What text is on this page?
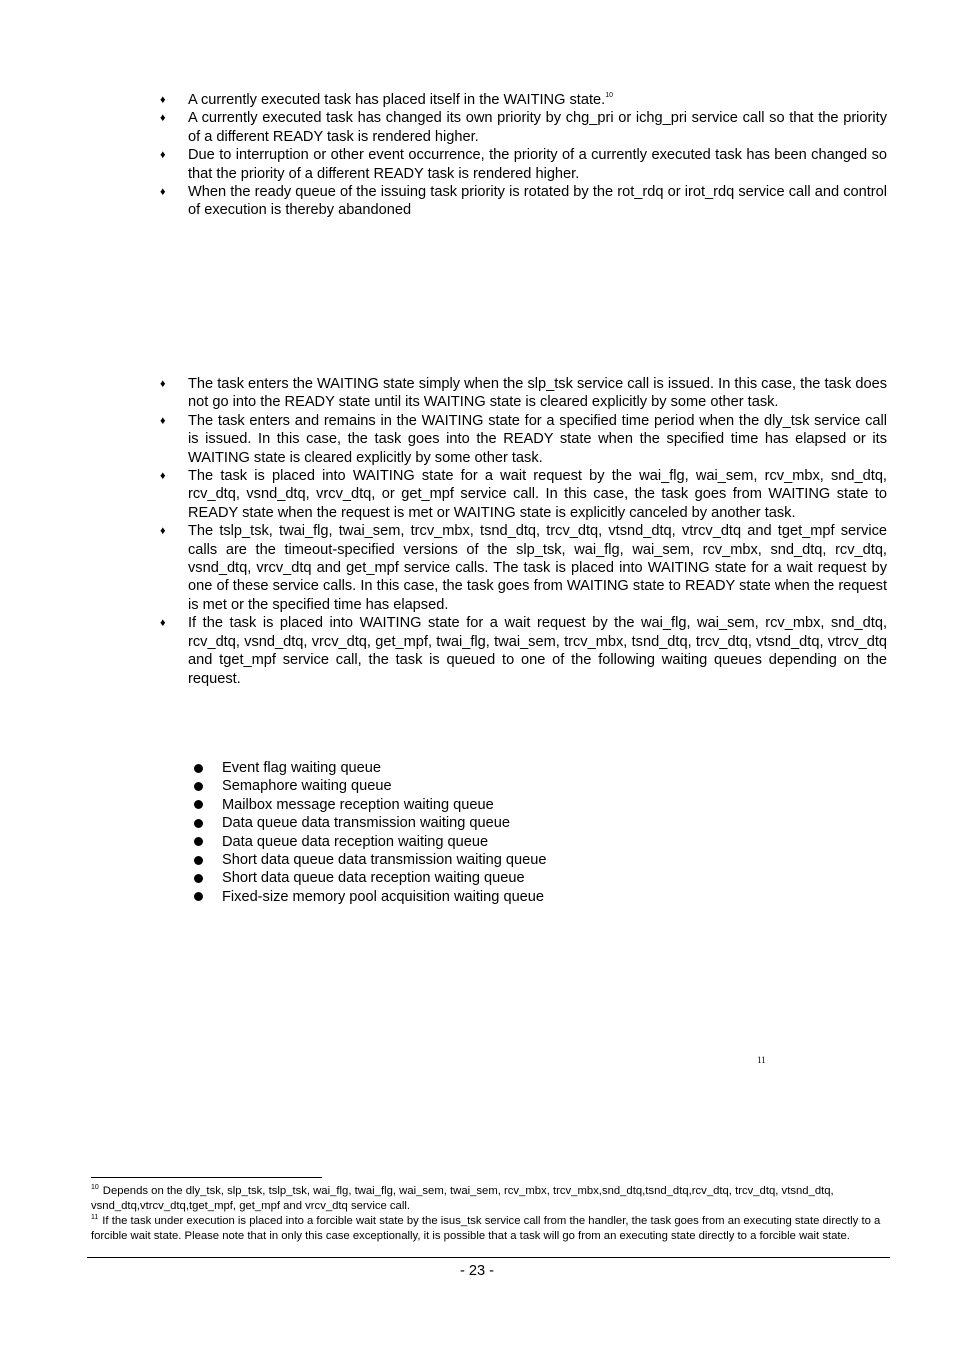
♦ A currently executed task has placed itself in the WAITING state.$^{10}$
♦ A currently executed task has changed its own priority by chg_pri or ichg_pri service call so that the priority of a different READY task is rendered higher.
♦ Due to interruption or other event occurrence, the priority of a currently executed task has been changed so that the priority of a different READY task is rendered higher.
♦ When the ready queue of the issuing task priority is rotated by the rot_rdq or irot_rdq service call and control of execution is thereby abandoned
♦ The task enters the WAITING state simply when the slp_tsk service call is issued. In this case, the task does not go into the READY state until its WAITING state is cleared explicitly by some other task.
♦ The task enters and remains in the WAITING state for a specified time period when the dly_tsk service call is issued. In this case, the task goes into the READY state when the specified time has elapsed or its WAITING state is cleared explicitly by some other task.
♦ The task is placed into WAITING state for a wait request by the wai_flg, wai_sem, rcv_mbx, snd_dtq, rcv_dtq, vsnd_dtq, vrcv_dtq, or get_mpf service call. In this case, the task goes from WAITING state to READY state when the request is met or WAITING state is explicitly canceled by another task.
♦ The tslp_tsk, twai_flg, twai_sem, trcv_mbx, tsnd_dtq, trcv_dtq, vtsnd_dtq, vtrcv_dtq and tget_mpf service calls are the timeout-specified versions of the slp_tsk, wai_flg, wai_sem, rcv_mbx, snd_dtq, rcv_dtq, vsnd_dtq, vrcv_dtq and get_mpf service calls. The task is placed into WAITING state for a wait request by one of these service calls. In this case, the task goes from WAITING state to READY state when the request is met or the specified time has elapsed.
♦ If the task is placed into WAITING state for a wait request by the wai_flg, wai_sem, rcv_mbx, snd_dtq, rcv_dtq, vsnd_dtq, vrcv_dtq, get_mpf, twai_flg, twai_sem, trcv_mbx, tsnd_dtq, trcv_dtq, vtsnd_dtq, vtrcv_dtq and tget_mpf service call, the task is queued to one of the following waiting queues depending on the request.
Event flag waiting queue
Semaphore waiting queue
Mailbox message reception waiting queue
Data queue data transmission waiting queue
Data queue data reception waiting queue
Short data queue data transmission waiting queue
Short data queue data reception waiting queue
Fixed-size memory pool acquisition waiting queue
11

$^{10}$ Depends on the dly_tsk, slp_tsk, tslp_tsk, wai_flg, twai_flg, wai_sem, twai_sem, rcv_mbx, trcv_mbx,snd_dtq,tsnd_dtq,rcv_dtq, trcv_dtq, vtsnd_dtq, vsnd_dtq,vtrcv_dtq,tget_mpf, get_mpf and vrcv_dtq service call.

$^{11}$ If the task under execution is placed into a forcible wait state by the isus_tsk service call from the handler, the task goes from an executing state directly to a forcible wait state. Please note that in only this case exceptionally, it is possible that a task will go from an executing state directly to a forcible wait state.

- 23 -
